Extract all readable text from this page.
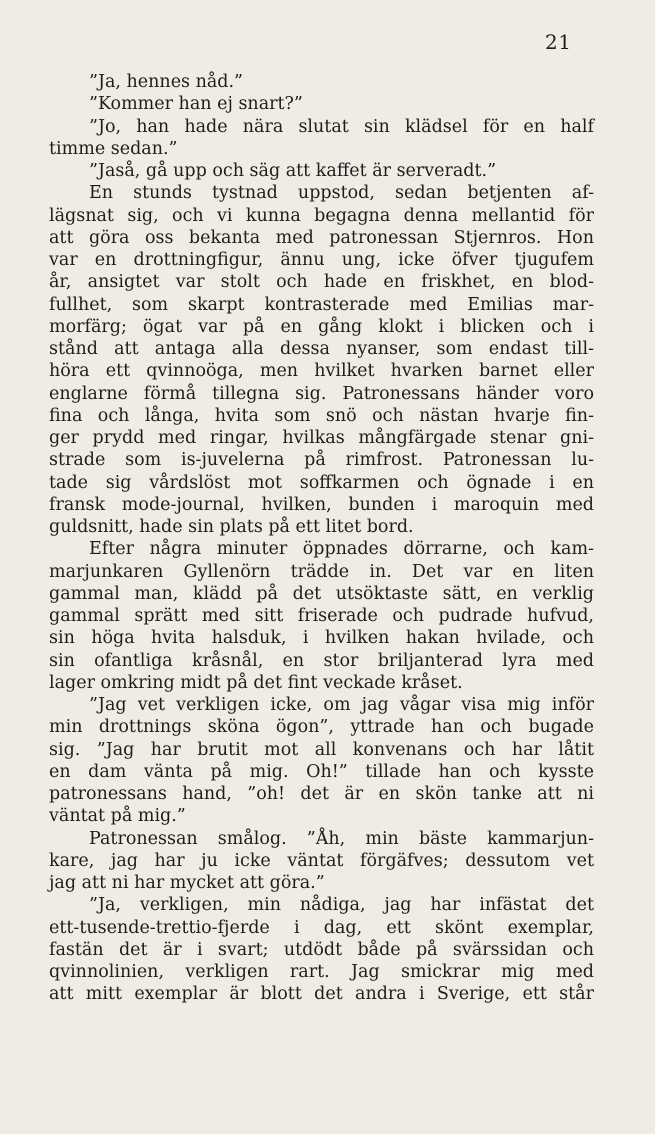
21
”Ja, hennes nåd.”
”Kommer han ej snart?”
”Jo, han hade nära slutat sin klädsel för en half
timme sedan.”
”Jaså, gå upp och säg att kaffet är serveradt.”
En stunds tystnad uppstod, sedan betjenten af-
lägsnat sig, och vi kunna begagna denna mellantid för
att göra oss bekanta med patronessan Stjernros. Hon
var en drottningfigur, ännu ung, icke öfver tjugufem
år, ansigtet var stolt och hade en friskhet, en blod-
fullhet, som skarpt kontrasterade med Emilias mar-
morfärg; ögat var på en gång klokt i blicken och i
stånd att antaga alla dessa nyanser, som endast till-
höra ett qvinnoöga, men hvilket hvarken barnet eller
englarne förmå tillegna sig. Patronessans händer voro
fina och långa, hvita som snö och nästan hvarje fin-
ger prydd med ringar, hvilkas mångfärgade stenar gni-
strade som is-juvelerna på rimfrost. Patronessan lu-
tade sig vårdslöst mot soffkarmen och ögnade i en
fransk mode-journal, hvilken, bunden i maroquin med
guldsnitt, hade sin plats på ett litet bord.
Efter några minuter öppnades dörrarne, och kam-
marjunkaren Gyllenörn trädde in. Det var en liten
gammal man, klädd på det utsöktaste sätt, en verklig
gammal sprätt med sitt friserade och pudrade hufvud,
sin höga hvita halsduk, i hvilken hakan hvilade, och
sin ofantliga kråsnål, en stor briljanterad lyra med
lager omkring midt på det fint veckade kråset.
”Jag vet verkligen icke, om jag vågar visa mig inför
min drottnings sköna ögon”, yttrade han och bugade
sig. ”Jag har brutit mot all konvenans och har låtit
en dam vänta på mig. Oh!” tillade han och kysste
patronessans hand, ”oh! det är en skön tanke att ni
väntat på mig.”
Patronessan smålog. ”Åh, min bäste kammarjun-
kare, jag har ju icke väntat förgäfves; dessutom vet
jag att ni har mycket att göra.”
”Ja, verkligen, min nådiga, jag har infästat det
ett-tusende-trettio-fjerde i dag, ett skönt exemplar,
fastän det är i svart; utdödt både på svärssidan och
qvinnolinien, verkligen rart. Jag smickrar mig med
att mitt exemplar är blott det andra i Sverige, ett står
